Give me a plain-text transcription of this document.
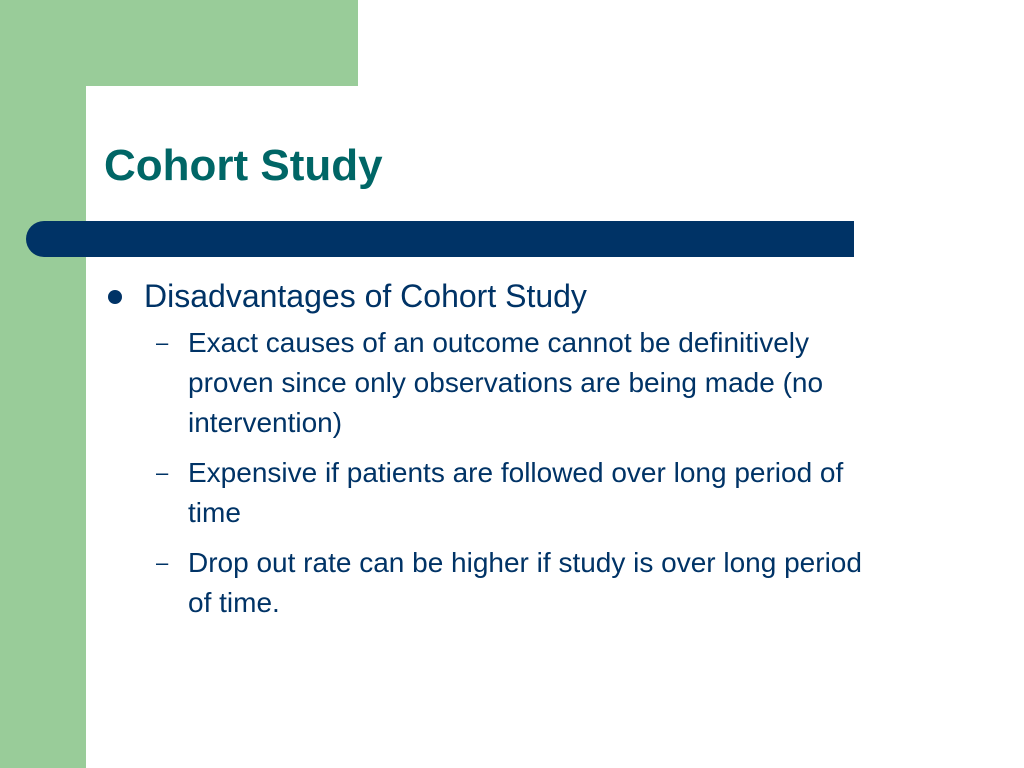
Cohort Study
Disadvantages of Cohort Study
– Exact causes of an outcome cannot be definitively proven since only observations are being made (no intervention)
– Expensive if patients are followed over long period of time
– Drop out rate can be higher if study is over long period of time.
